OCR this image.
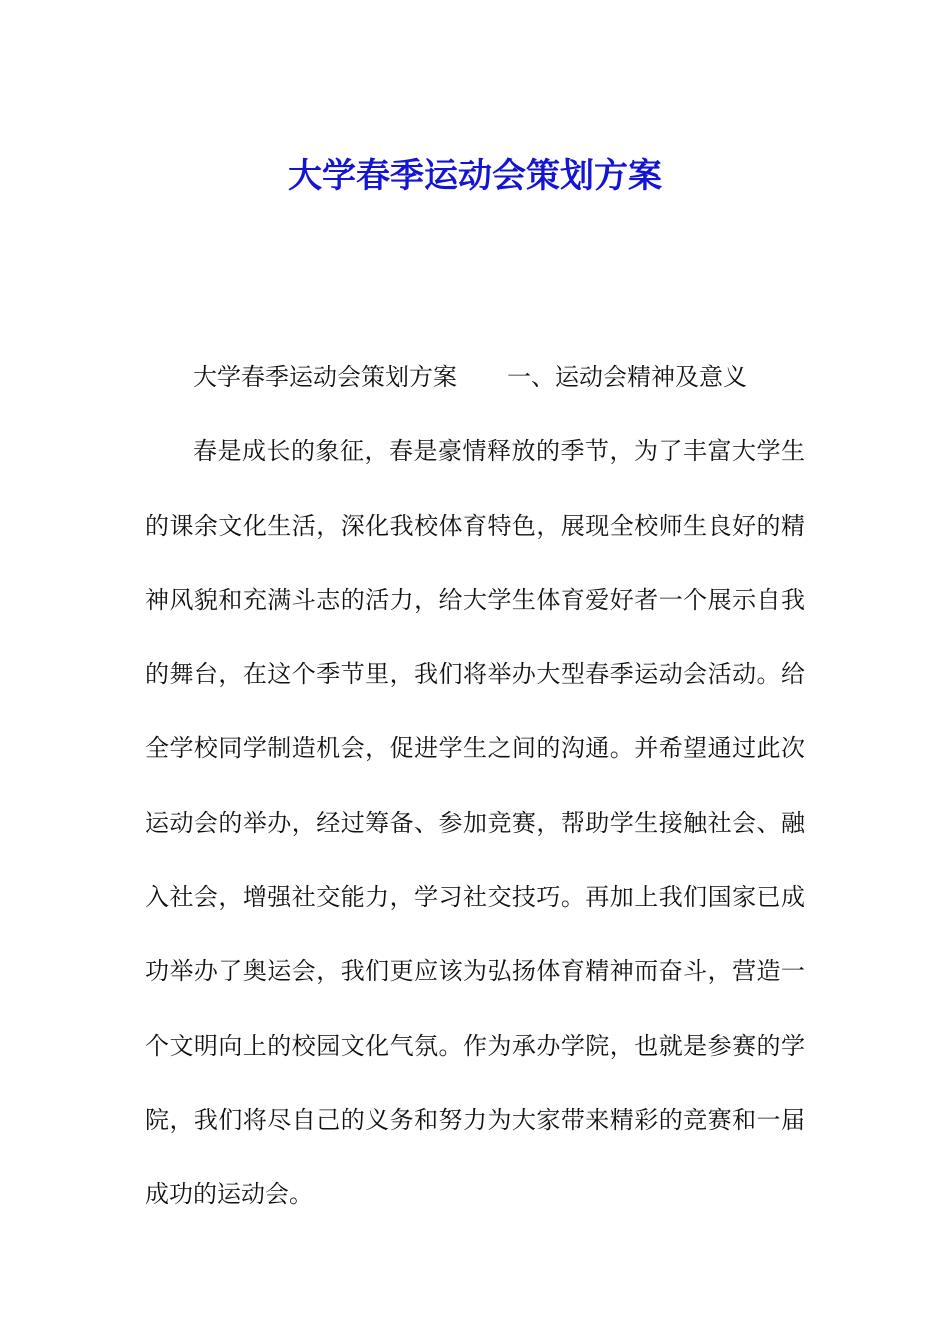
大学春季运动会策划方案

大学春季运动会策划方案 一、运动会精神及意义

春是成长的象征，春是豪情释放的季节，为了丰富大学生的课余文化生活，深化我校体育特色，展现全校师生良好的精神风貌和充满斗志的活力，给大学生体育爱好者一个展示自我的舞台，在这个季节里，我们将举办大型春季运动会活动。给全学校同学制造机会，促进学生之间的沟通。并希望通过此次运动会的举办，经过筹备、参加竞赛，帮助学生接触社会、融入社会，增强社交能力，学习社交技巧。再加上我们国家已成功举办了奥运会，我们更应该为弘扬体育精神而奋斗，营造一个文明向上的校园文化气氛。作为承办学院，也就是参赛的学院，我们将尽自己的义务和努力为大家带来精彩的竞赛和一届成功的运动会。
